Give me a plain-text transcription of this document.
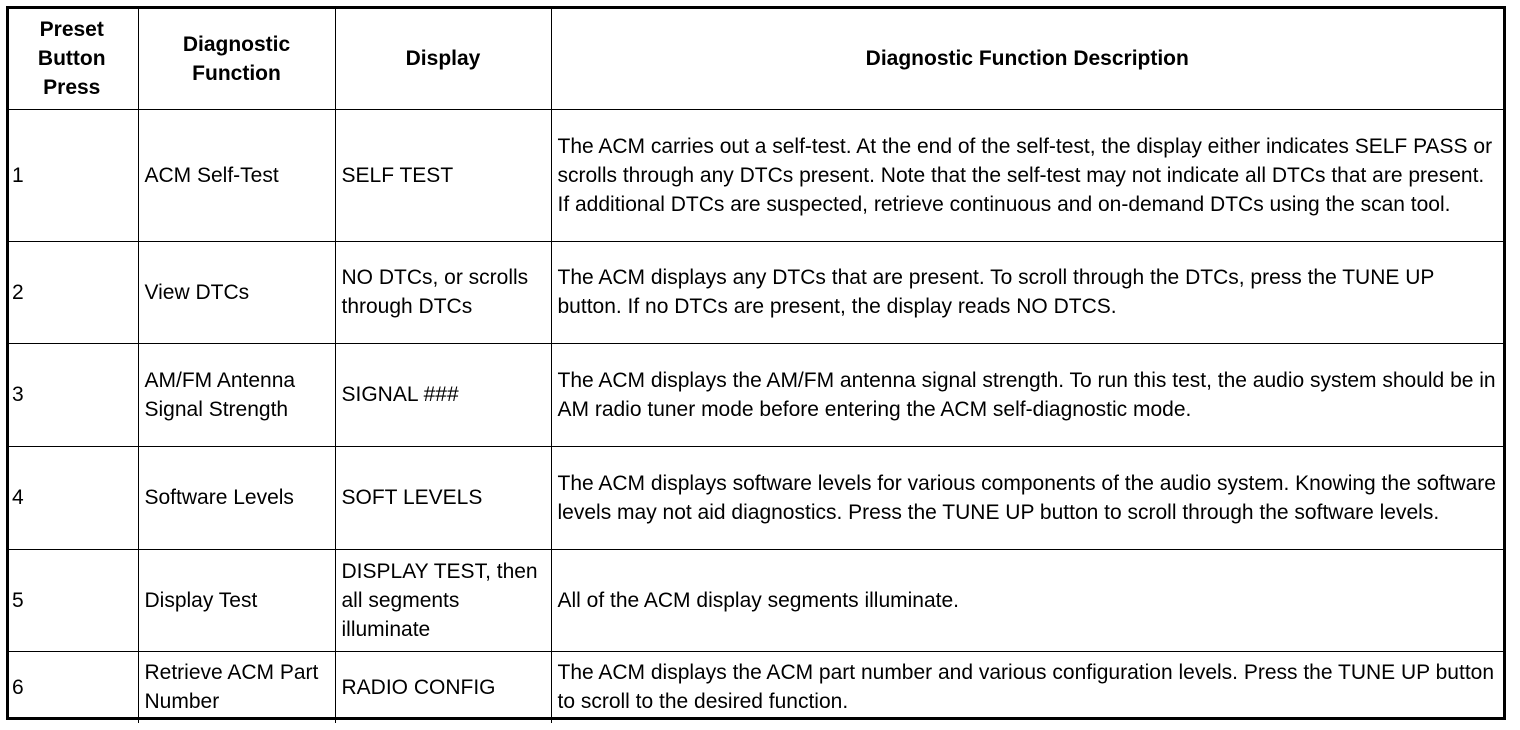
Preset Button Press	Diagnostic Function	Display	Diagnostic Function Description
1	ACM Self-Test	SELF TEST	The ACM carries out a self-test. At the end of the self-test, the display either indicates SELF PASS or scrolls through any DTCs present. Note that the self-test may not indicate all DTCs that are present. If additional DTCs are suspected, retrieve continuous and on-demand DTCs using the scan tool.
2	View DTCs	NO DTCs, or scrolls through DTCs	The ACM displays any DTCs that are present. To scroll through the DTCs, press the TUNE UP button. If no DTCs are present, the display reads NO DTCS.
3	AM/FM Antenna Signal Strength	SIGNAL ###	The ACM displays the AM/FM antenna signal strength. To run this test, the audio system should be in AM radio tuner mode before entering the ACM self-diagnostic mode.
4	Software Levels	SOFT LEVELS	The ACM displays software levels for various components of the audio system. Knowing the software levels may not aid diagnostics. Press the TUNE UP button to scroll through the software levels.
5	Display Test	DISPLAY TEST, then all segments illuminate	All of the ACM display segments illuminate.
6	Retrieve ACM Part Number	RADIO CONFIG	The ACM displays the ACM part number and various configuration levels. Press the TUNE UP button to scroll to the desired function.
